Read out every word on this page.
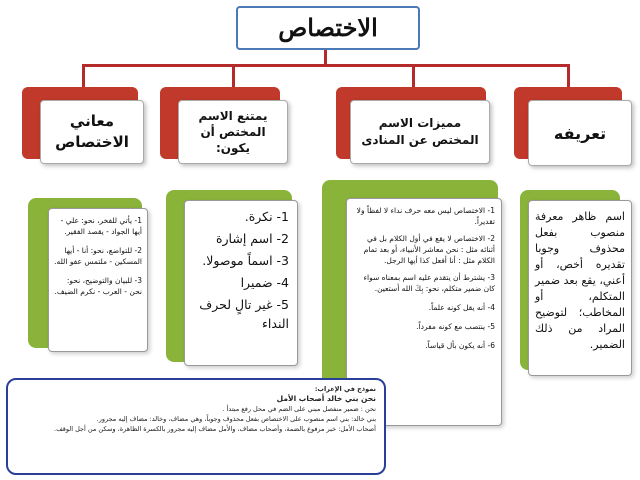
الاختصاص
تعريفه

اسم ظاهر معرفة منصوب بفعل محذوف وجوبا تقديره أخص، أو أعني، يقع بعد ضمير المتكلم، أو المخاطب؛ لتوضيح المراد من ذلك الضمير.

مميزات الاسم المختص عن المنادى

1- الاختصاص ليس معه حرف نداء لا لفظاً ولا تقديراً.

2- الاختصاص لا يقع في أول الكلام بل في أثنائه مثل : نحن معاشر الأنبياء، أو بعد تمام الكلام مثل : أنا أفعل كذا أيها الرجل.

3- يشترط أن يتقدم عليه اسم بمعناه سواء كان ضمير متكلم، نحو: بِكَ الله أستعين.

4- أنه يقل كونه علماً.

5- ينتصب مع كونه مفرداً.

6- أنه يكون بأل قياساً.

يمتنع الاسم المختص أن يكون:

1- نكرة.

2- اسم إشارة

3- اسماً موصولا.

4- ضميرا

5- غير تالٍ لحرف النداء

معاني الاختصاص

1- يأتي للفخر، نحو: علي - أيها الجواد - يقصد الفقير.

2- للتواضع، نحو: أنا - أيها المسكين - ملتمس عفو الله.

3- للبيان والتوضيح، نحو: نحن - العرب - نكرم الضيف.

نموذج في الإعراب:

نحن بني خالد أصحاب الأمل

نحن : ضمير منفصل مبني على الضم في محل رفع مبتدأ .

بني خالد: بني اسم منصوب على الاختصاص بفعل محذوف وجوباً، وهي مضاف، وخالد: مضاف إليه مجرور.

أصحاب الأمل: خبر مرفوع بالضمة، وأصحاب مضاف، والأمل مضاف إليه مجرور بالكسرة الظاهرة، وسكن من أجل الوقف.
